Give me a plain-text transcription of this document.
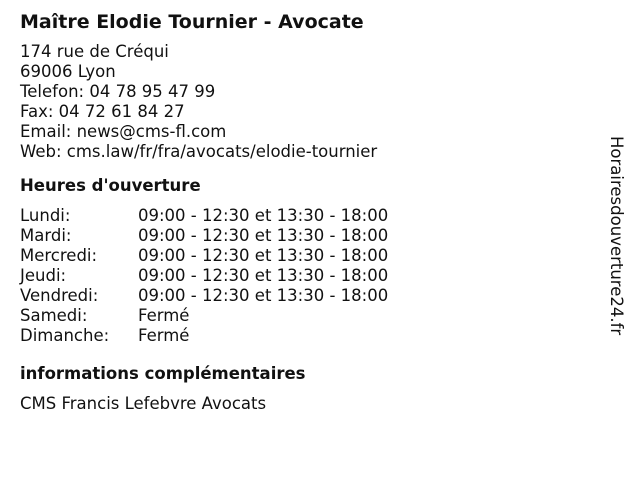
Maître Elodie Tournier - Avocate
174 rue de Créqui
69006 Lyon
Telefon: 04 78 95 47 99
Fax: 04 72 61 84 27
Email: news@cms-fl.com
Web: cms.law/fr/fra/avocats/elodie-tournier
Heures d'ouverture
Lundi:	09:00 - 12:30 et 13:30 - 18:00
Mardi:	09:00 - 12:30 et 13:30 - 18:00
Mercredi:	09:00 - 12:30 et 13:30 - 18:00
Jeudi:	09:00 - 12:30 et 13:30 - 18:00
Vendredi:	09:00 - 12:30 et 13:30 - 18:00
Samedi:	Fermé
Dimanche:	Fermé
informations complémentaires
CMS Francis Lefebvre Avocats
Horairesdouverture24.fr
